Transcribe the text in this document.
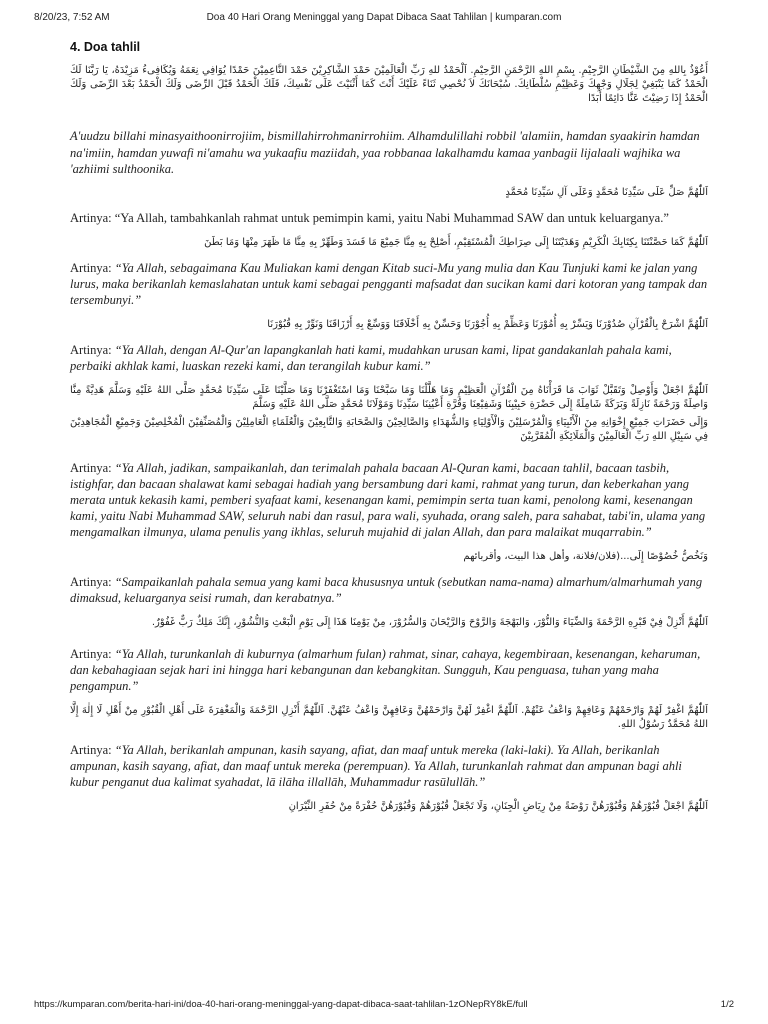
8/20/23, 7:52 AM	Doa 40 Hari Orang Meninggal yang Dapat Dibaca Saat Tahlilan | kumparan.com
4. Doa tahlil

أَعُوْذُ بِاللهِ مِنَ الشَّيْطَانِ الرَّجِيْمِ. بِسْمِ اللهِ الرَّحْمَنِ الرَّحِيْمِ. اَلْحَمْدُ للهِ رَبِّ الْعَالَمِيْنَ حَمْدَ الشَّاكِرِيْنَ حَمْدَ النَّاعِمِيْنَ حَمْدًا يُوَافِي نِعَمَهُ وَيُكَافِىءُ مَزِيْدَهُ، يَا رَبَّنَا لَكَ الْحَمْدُ كَمَا يَنْبَغِيْ لِجَلَالِ وَجْهِكَ وَعَظِيْمِ سُلْطَانِكَ. سُبْحَانَكَ لاَ نُحْصِي ثَنَاءً عَلَيْكَ أَنْتَ كَمَا أَثْنَيْتَ عَلَى نَفْسِكَ، فَلَكَ الْحَمْدُ قَبْلَ الرِّضَى وَلَكَ الْحَمْدُ بَعْدَ الرِّضَى وَلَكَ الْحَمْدُ إِذَا رَضِيْتَ عَنَّا دَائِمًا أَبَدًا

A'uudzu billahi minasyaithoonirrojiim, bismillahirrohmanirrohiim. Alhamdulillahi robbil 'alamiin, hamdan syaakirin hamdan na'imiin, hamdan yuwafi ni'amahu wa yukaafiu maziidah, yaa robbanaa lakalhamdu kamaa yanbagii lijalaali wajhika wa 'azhiimi sulthoonika.

اَللّٰهُمَّ صَلِّ عَلَى سَيِّدِنَا مُحَمَّدٍ وَعَلَى آلِ سَيِّدِنَا مُحَمَّدٍ

Artinya: “Ya Allah, tambahkanlah rahmat untuk pemimpin kami, yaitu Nabi Muhammad SAW dan untuk keluarganya.”

اَللّٰهُمَّ كَمَا حَصَّنْتَنَا بِكِتَابِكَ الْكَرِيْمِ وَهَدَيْتَنَا إِلَى صِرَاطِكَ الْمُسْتَقِيْمِ، أَصْلِحْ بِهِ مِنَّا جَمِيْعَ مَا فَسَدَ وَطَهِّرْ بِهِ مِنَّا مَا ظَهَرَ مِنْهَا وَمَا بَطَنَ

Artinya: “Ya Allah, sebagaimana Kau Muliakan kami dengan Kitab suci-Mu yang mulia dan Kau Tunjuki kami ke jalan yang lurus, maka berikanlah kemaslahatan untuk kami sebagai pengganti mafsadat dan sucikan kami dari kotoran yang tampak dan tersembunyi.”

اَللّٰهُمَّ اشْرَحْ بِالْقُرْآنِ صُدُوْرَنَا وَيَسِّرْ بِهِ أُمُوْرَنَا وَعَظِّمْ بِهِ أُجُوْرَنَا وَحَسِّنْ بِهِ أَخْلَاقَنَا وَوَسِّعْ بِهِ أَرْزَاقَنَا وَنَوِّرْ بِهِ قُبُوْرَنَا

Artinya: “Ya Allah, dengan Al-Qur'an lapangkanlah hati kami, mudahkan urusan kami, lipat gandakanlah pahala kami, perbaiki akhlak kami, luaskan rezeki kami, dan terangilah kubur kami.”

اَللّٰهُمَّ اجْعَلْ وَأَوْصِلْ وَتَقَبَّلْ ثَوَابَ مَا قَرَأْنَاهُ مِنَ الْقُرْآنِ الْعَظِيْمِ وَمَا هَلَّلْنَا وَمَا سَبَّحْنَا وَمَا اسْتَغْفَرْنَا وَمَا صَلَّيْنَا عَلَى سَيِّدِنَا مُحَمَّدٍ صَلَّى اللهُ عَلَيْهِ وَسَلَّمَ هَدِيَّةً مِنَّا وَاصِلَةً وَرَحْمَةً نَازِلَةً وَبَرَكَةً شَامِلَةً إِلَى حَضْرَةِ حَبِيْبِنَا وَشَفِيْعِنَا وَقُرَّةِ أَعْيُنِنَا سَيِّدِنَا وَمَوْلَانَا مُحَمَّدٍ صَلَّى اللهُ عَلَيْهِ وَسَلَّمَ

وَإِلَى حَضَرَاتِ جَمِيْعِ إِخْوَانِهِ مِنَ الْأَنْبِيَاءِ وَالْمُرْسَلِيْنَ وَالْأَوْلِيَاءِ وَالشُّهَدَاءِ وَالصَّالِحِيْنَ وَالصَّحَابَةِ وَالتَّابِعِيْنَ وَالْعُلَمَاءِ الْعَامِلِيْنَ وَالْمُصَنِّفِيْنَ الْمُخْلِصِيْنَ وَجَمِيْعِ الْمُجَاهِدِيْنَ فِي سَبِيْلِ اللهِ رَبِّ الْعَالَمِيْنَ وَالْمَلَائِكَةِ الْمُقَرَّبِيْنَ

Artinya: “Ya Allah, jadikan, sampaikanlah, dan terimalah pahala bacaan Al-Quran kami, bacaan tahlil, bacaan tasbih, istighfar, dan bacaan shalawat kami sebagai hadiah yang bersambung dari kami, rahmat yang turun, dan keberkahan yang merata untuk kekasih kami, pemberi syafaat kami, kesenangan kami, pemimpin serta tuan kami, penolong kami, kesenangan kami, yaitu Nabi Muhammad SAW, seluruh nabi dan rasul, para wali, syuhada, orang saleh, para sahabat, tabi'in, ulama yang mengamalkan ilmunya, ulama penulis yang ikhlas, seluruh mujahid di jalan Allah, dan para malaikat muqarrabin.”

وَنَخُصُّ خُصُوْصًا إِلَى...(فلان/فلانة، وأهل هذا البيت، وأقربائهم

Artinya: “Sampaikanlah pahala semua yang kami baca khususnya untuk (sebutkan nama-nama) almarhum/almarhumah yang dimaksud, keluarganya seisi rumah, dan kerabatnya.”

اَللّٰهُمَّ أَنْزِلْ فِيْ قَبْرِهِ الرَّحْمَةَ وَالضِّيَاءَ وَالنُّوْرَ، وَالبَهْجَةَ وَالرَّوْحَ وَالرَّيْحَانَ وَالسُّرُوْرَ، مِنْ يَوْمِنَا هَذَا إِلَى يَوْمِ الْبَعْثِ وَالنُّشُوْرِ، إِنَّكَ مَلِكٌ رَبٌّ غَفُوْرٌ.

Artinya: “Ya Allah, turunkanlah di kuburnya (almarhum fulan) rahmat, sinar, cahaya, kegembiraan, kesenangan, keharuman, dan kebahagiaan sejak hari ini hingga hari kebangunan dan kebangkitan. Sungguh, Kau penguasa, tuhan yang maha pengampun.”

اَللّٰهُمَّ اغْفِرْ لَهُمْ وَارْحَمْهُمْ وَعَافِهِمْ وَاعْفُ عَنْهُمْ. اَللّٰهُمَّ اغْفِرْ لَهُنَّ وَارْحَمْهُنَّ وَعَافِهِنَّ وَاعْفُ عَنْهُنَّ. اَللّٰهُمَّ أَنْزِلِ الرَّحْمَةَ وَالْمَغْفِرَةَ عَلَى أَهْلِ الْقُبُوْرِ مِنْ أَهْلِ لَا إِلٰهَ إِلَّا اللهُ مُحَمَّدٌ رَسُوْلُ اللهِ.

Artinya: “Ya Allah, berikanlah ampunan, kasih sayang, afiat, dan maaf untuk mereka (laki-laki). Ya Allah, berikanlah ampunan, kasih sayang, afiat, dan maaf untuk mereka (perempuan). Ya Allah, turunkanlah rahmat dan ampunan bagi ahli kubur penganut dua kalimat syahadat, lā ilāha illallāh, Muhammadur rasūlullāh.”

اَللّٰهُمَّ اجْعَلْ قُبُوْرَهُمْ وَقُبُوْرَهُنَّ رَوْضَةً مِنْ رِيَاضِ الْجِنَانِ، وَلَا تَجْعَلْ قُبُوْرَهُمْ وَقُبُوْرَهُنَّ حُفْرَةً مِنْ حُفَرِ النِّيْرَانِ

https://kumparan.com/berita-hari-ini/doa-40-hari-orang-meninggal-yang-dapat-dibaca-saat-tahlilan-1zONepRY8kE/full	1/2
